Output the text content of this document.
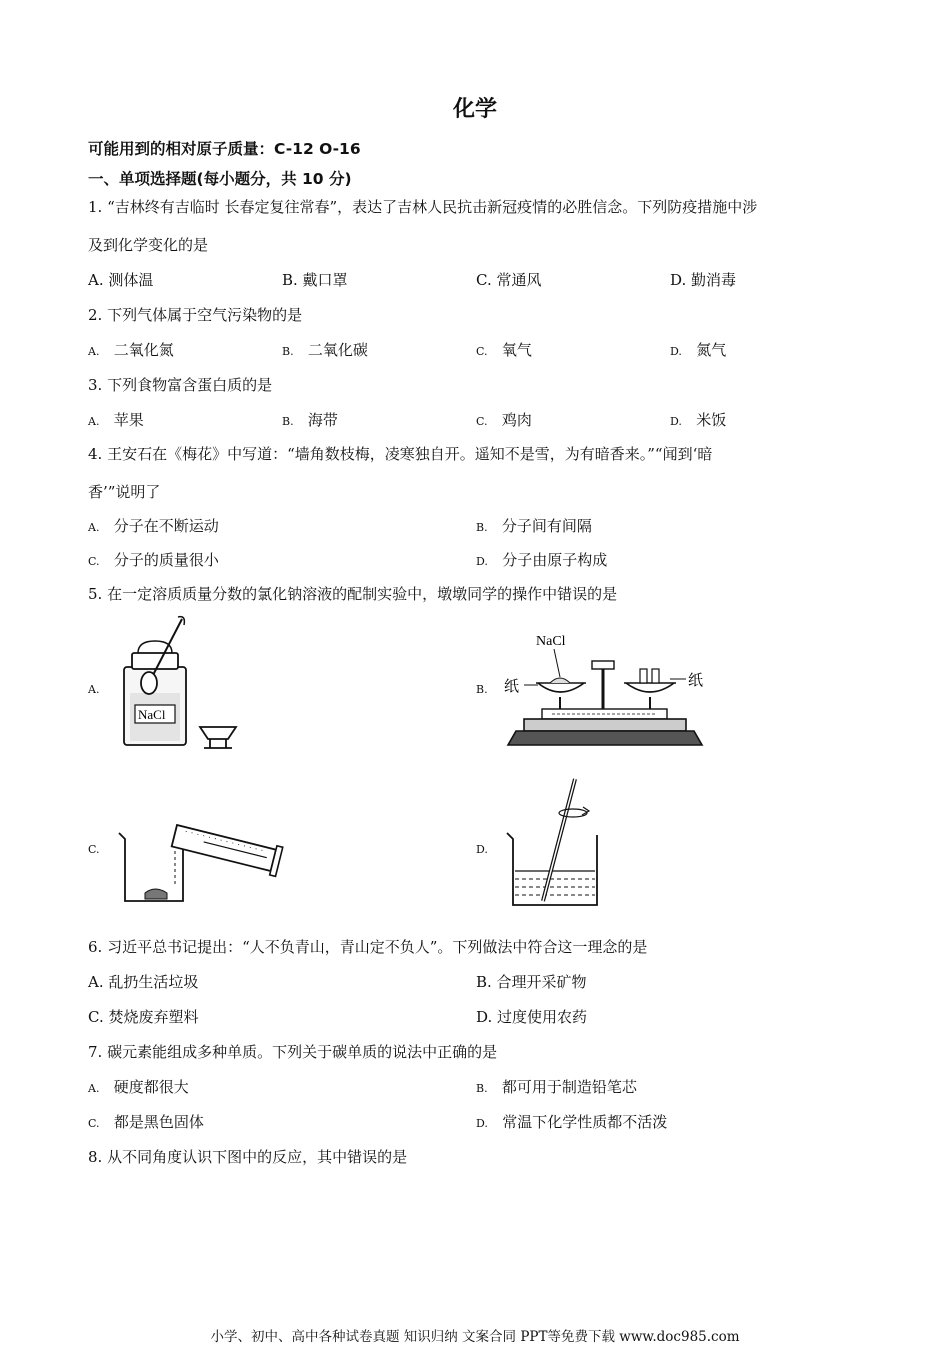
化学
可能用到的相对原子质量：C-12 O-16
一、单项选择题(每小题分，共 10 分)
1. “吉林终有吉临时 长春定复往常春”，表达了吉林人民抗击新冠疫情的必胜信念。下列防疫措施中涉
及到化学变化的是
A. 测体温	B. 戴口罩	C. 常通风	D. 勤消毒
2. 下列气体属于空气污染物的是
A. 二氧化氮	B. 二氧化碳	C. 氧气	D. 氮气
3. 下列食物富含蛋白质的是
A. 苹果	B. 海带	C. 鸡肉	D. 米饭
4. 王安石在《梅花》中写道：“墙角数枝梅，凌寒独自开。遥知不是雪，为有暗香来。”“闻到‘暗
香’”说明了
A. 分子在不断运动	B. 分子间有间隔
C. 分子的质量很小	D. 分子由原子构成
5. 在一定溶质质量分数的氯化钠溶液的配制实验中，墩墩同学的操作中错误的是
A.	B.
C.	D.
NaCl
NaCl
纸	纸
6. 习近平总书记提出：“人不负青山，青山定不负人”。下列做法中符合这一理念的是
A. 乱扔生活垃圾	B. 合理开采矿物
C. 焚烧废弃塑料	D. 过度使用农药
7. 碳元素能组成多种单质。下列关于碳单质的说法中正确的是
A. 硬度都很大	B. 都可用于制造铅笔芯
C. 都是黑色固体	D. 常温下化学性质都不活泼
8. 从不同角度认识下图中的反应，其中错误的是
小学、初中、高中各种试卷真题 知识归纳 文案合同 PPT等免费下载 www.doc985.com
